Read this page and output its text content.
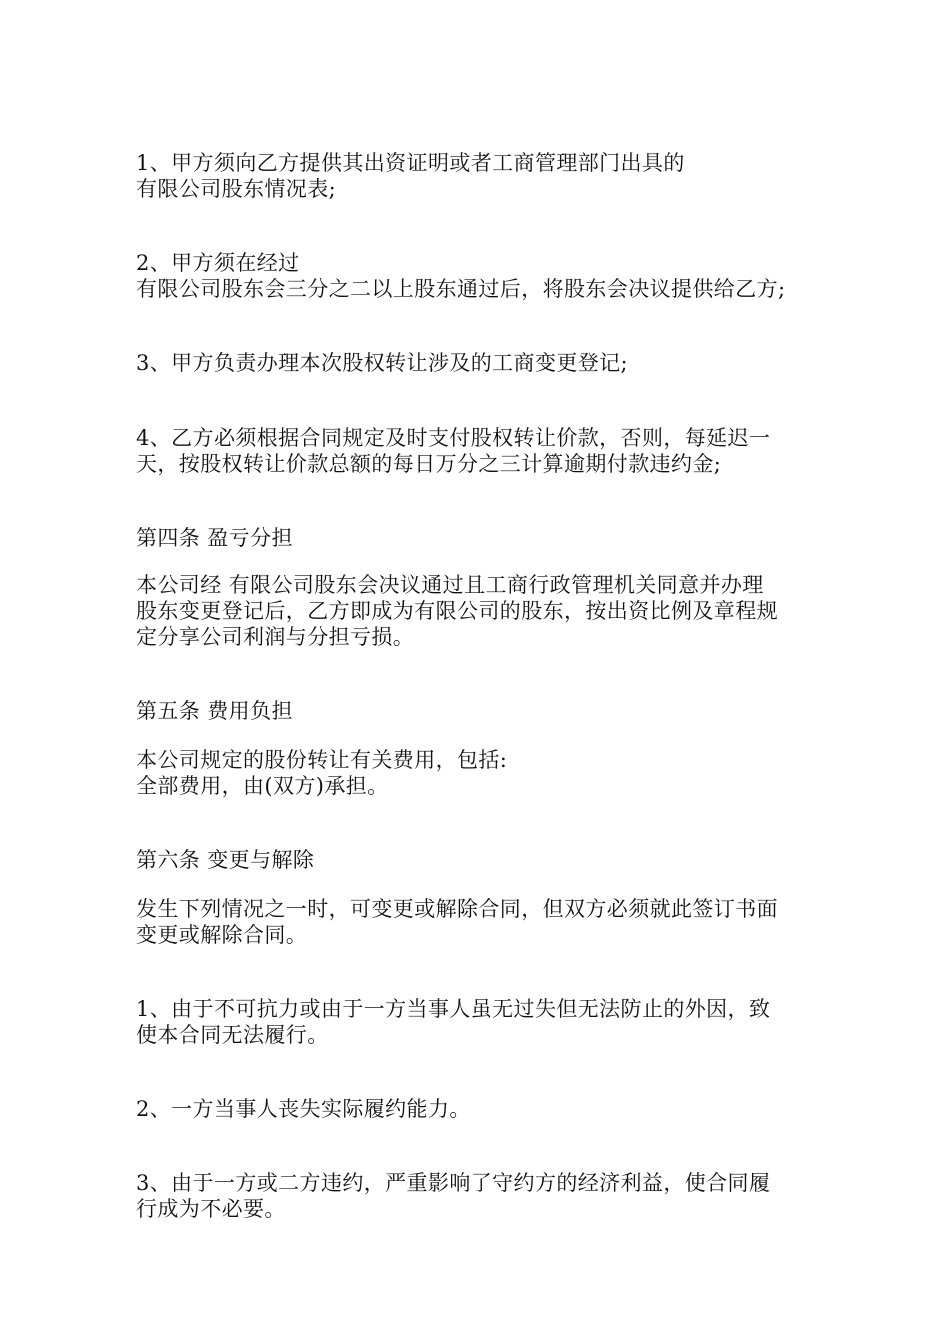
1、甲方须向乙方提供其出资证明或者工商管理部门出具的
有限公司股东情况表;

2、甲方须在经过
有限公司股东会三分之二以上股东通过后，将股东会决议提供给乙方;

3、甲方负责办理本次股权转让涉及的工商变更登记;

4、乙方必须根据合同规定及时支付股权转让价款，否则，每延迟一
天，按股权转让价款总额的每日万分之三计算逾期付款违约金;

第四条 盈亏分担

本公司经 有限公司股东会决议通过且工商行政管理机关同意并办理
股东变更登记后，乙方即成为有限公司的股东，按出资比例及章程规
定分享公司利润与分担亏损。

第五条 费用负担

本公司规定的股份转让有关费用，包括:
全部费用，由(双方)承担。

第六条 变更与解除

发生下列情况之一时，可变更或解除合同，但双方必须就此签订书面
变更或解除合同。

1、由于不可抗力或由于一方当事人虽无过失但无法防止的外因，致
使本合同无法履行。

2、一方当事人丧失实际履约能力。

3、由于一方或二方违约，严重影响了守约方的经济利益，使合同履
行成为不必要。
